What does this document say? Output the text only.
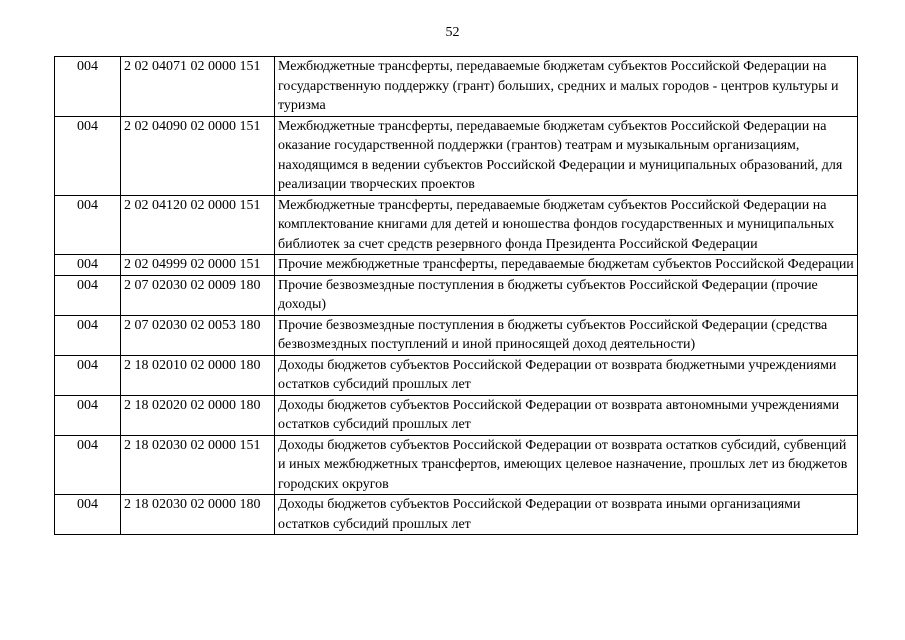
52
004	2 02 04071 02 0000 151	Межбюджетные трансферты, передаваемые бюджетам субъектов Российской Федерации на государственную поддержку (грант) больших, средних и малых городов - центров культуры и туризма
004	2 02 04090 02 0000 151	Межбюджетные трансферты, передаваемые бюджетам субъектов Российской Федерации на оказание государственной поддержки (грантов) театрам и музыкальным организациям, находящимся в ведении субъектов Российской Федерации и муниципальных образований, для реализации творческих проектов
004	2 02 04120 02 0000 151	Межбюджетные трансферты, передаваемые бюджетам субъектов Российской Федерации на комплектование книгами для детей и юношества фондов государственных и муниципальных библиотек за счет средств резервного фонда Президента Российской Федерации
004	2 02 04999 02 0000 151	Прочие межбюджетные трансферты, передаваемые бюджетам субъектов Российской Федерации
004	2 07 02030 02 0009 180	Прочие безвозмездные поступления в бюджеты субъектов Российской Федерации (прочие доходы)
004	2 07 02030 02 0053 180	Прочие безвозмездные поступления в бюджеты субъектов Российской Федерации (средства безвозмездных поступлений и иной приносящей доход деятельности)
004	2 18 02010 02 0000 180	Доходы бюджетов субъектов Российской Федерации от возврата бюджетными учреждениями остатков субсидий прошлых лет
004	2 18 02020 02 0000 180	Доходы бюджетов субъектов Российской Федерации от возврата автономными учреждениями остатков субсидий прошлых лет
004	2 18 02030 02 0000 151	Доходы бюджетов субъектов Российской Федерации от возврата остатков субсидий, субвенций и иных межбюджетных трансфертов, имеющих целевое назначение, прошлых лет из бюджетов городских округов
004	2 18 02030 02 0000 180	Доходы бюджетов субъектов Российской Федерации от возврата иными организациями остатков субсидий прошлых лет
